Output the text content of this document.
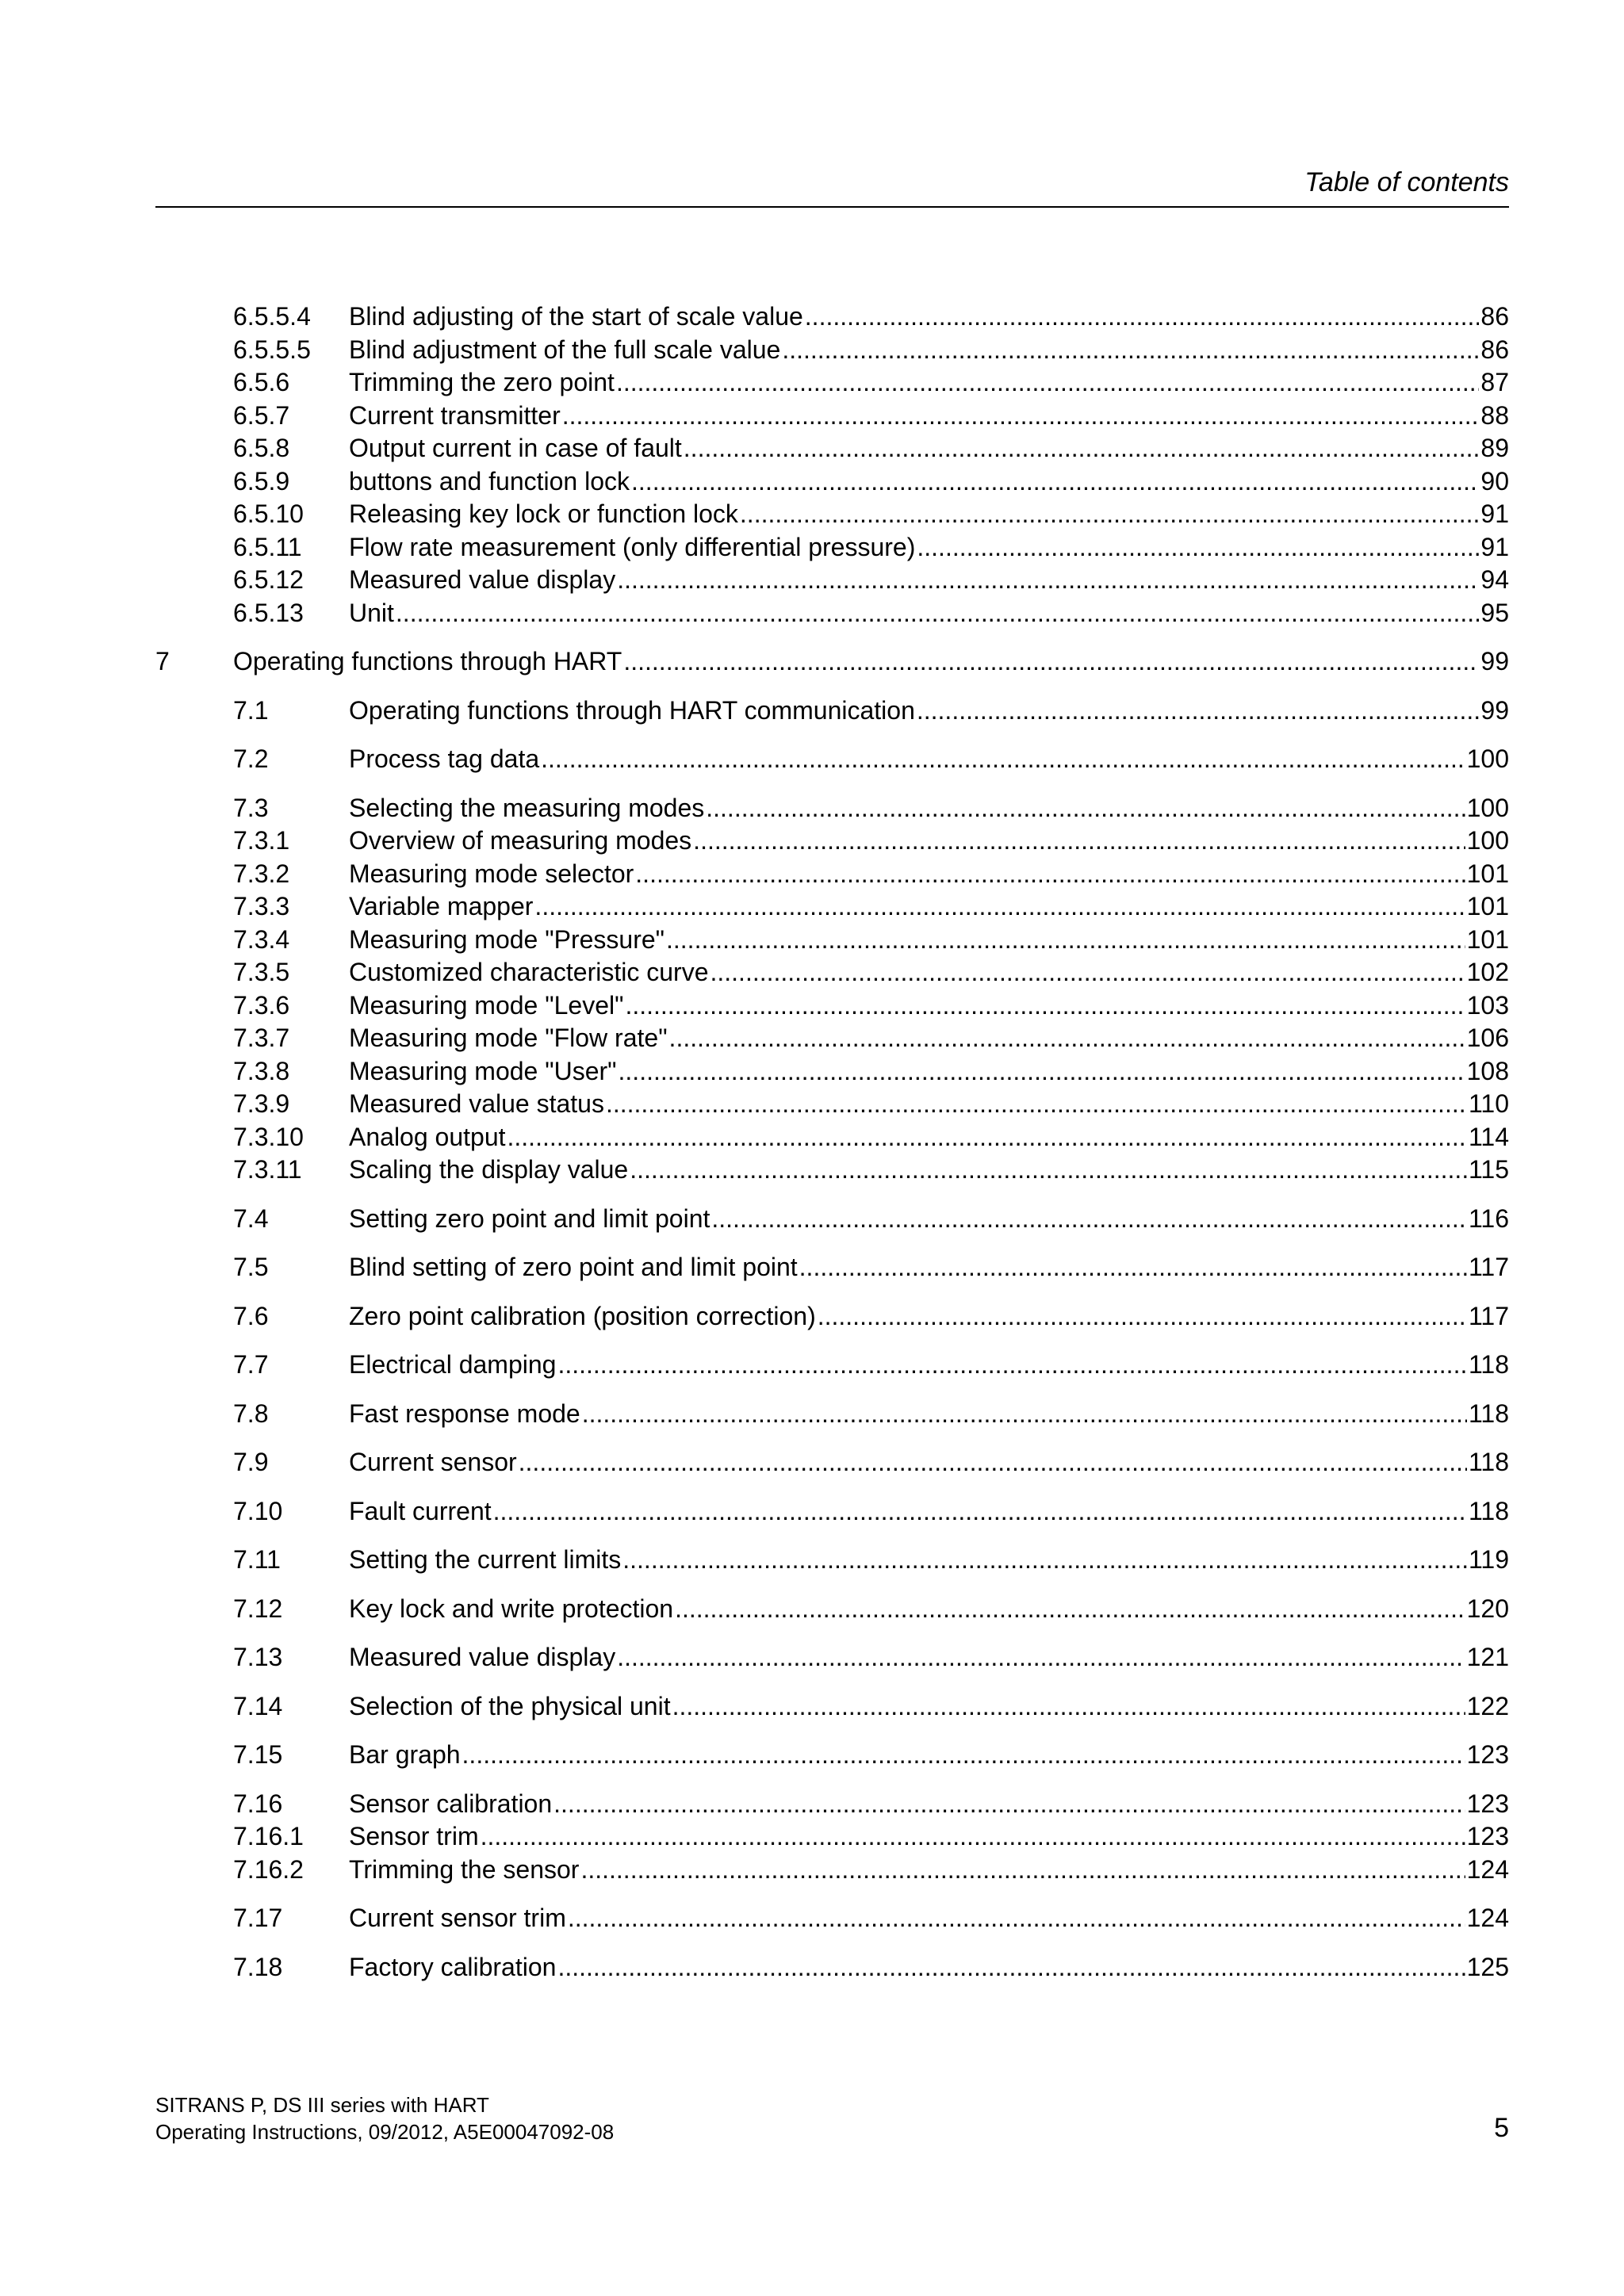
Table of contents
6.5.5.4	Blind adjusting of the start of scale value .....	86
6.5.5.5	Blind adjustment of the full scale value .....	86
6.5.6	Trimming the zero point .....	87
6.5.7	Current transmitter .....	88
6.5.8	Output current in case of fault .....	89
6.5.9	buttons and function lock .....	90
6.5.10	Releasing key lock or function lock .....	91
6.5.11	Flow rate measurement (only differential pressure) .....	91
6.5.12	Measured value display .....	94
6.5.13	Unit .....	95
7	Operating functions through HART .....	99
7.1	Operating functions through HART communication .....	99
7.2	Process tag data .....	100
7.3	Selecting the measuring modes .....	100
7.3.1	Overview of measuring modes .....	100
7.3.2	Measuring mode selector .....	101
7.3.3	Variable mapper .....	101
7.3.4	Measuring mode "Pressure" .....	101
7.3.5	Customized characteristic curve .....	102
7.3.6	Measuring mode "Level" .....	103
7.3.7	Measuring mode "Flow rate" .....	106
7.3.8	Measuring mode "User" .....	108
7.3.9	Measured value status .....	110
7.3.10	Analog output .....	114
7.3.11	Scaling the display value .....	115
7.4	Setting zero point and limit point .....	116
7.5	Blind setting of zero point and limit point .....	117
7.6	Zero point calibration (position correction) .....	117
7.7	Electrical damping .....	118
7.8	Fast response mode .....	118
7.9	Current sensor .....	118
7.10	Fault current .....	118
7.11	Setting the current limits .....	119
7.12	Key lock and write protection .....	120
7.13	Measured value display .....	121
7.14	Selection of the physical unit .....	122
7.15	Bar graph .....	123
7.16	Sensor calibration .....	123
7.16.1	Sensor trim .....	123
7.16.2	Trimming the sensor .....	124
7.17	Current sensor trim .....	124
7.18	Factory calibration .....	125
SITRANS P, DS III series with HART
Operating Instructions, 09/2012, A5E00047092-08	5
